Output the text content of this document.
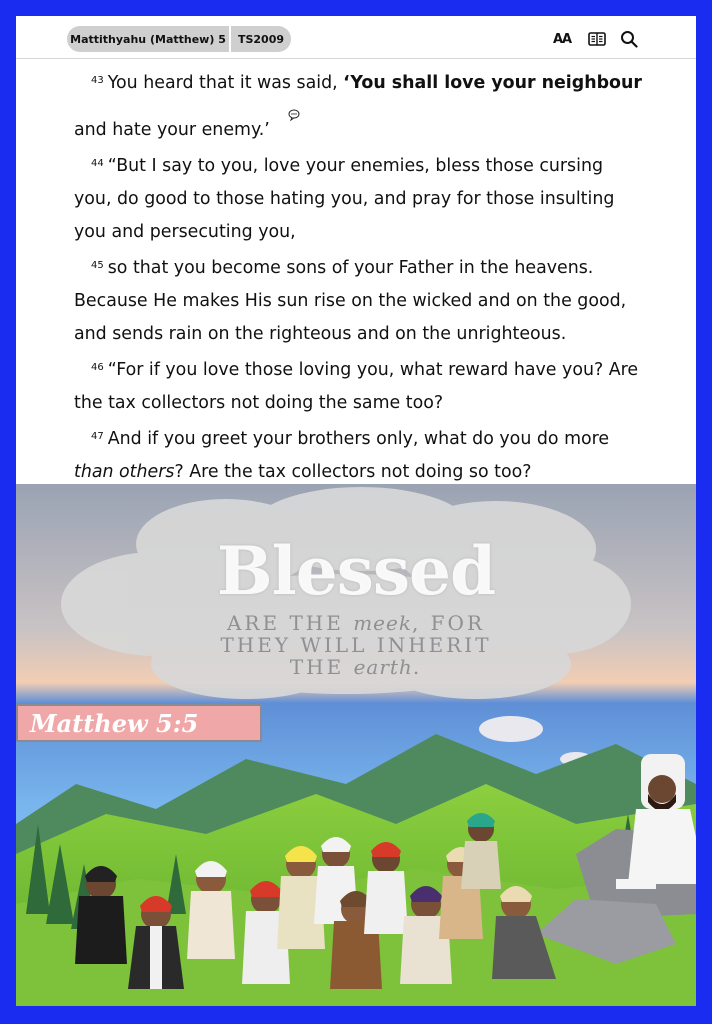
Mattithyahu (Matthew) 5	TS2009	AA

$^{43}$ You heard that it was said, ‘You shall love your neighbour and hate your enemy.’

$^{44}$ “But I say to you, love your enemies, bless those cursing you, do good to those hating you, and pray for those insulting you and persecuting you,

$^{45}$ so that you become sons of your Father in the heavens. Because He makes His sun rise on the wicked and on the good, and sends rain on the righteous and on the unrighteous.

$^{46}$ “For if you love those loving you, what reward have you? Are the tax collectors not doing the same too?

$^{47}$ And if you greet your brothers only, what do you do more than others? Are the tax collectors not doing so too?

Blessed
ARE THE meek, FOR
THEY WILL INHERIT
THE earth.
Matthew 5:5
